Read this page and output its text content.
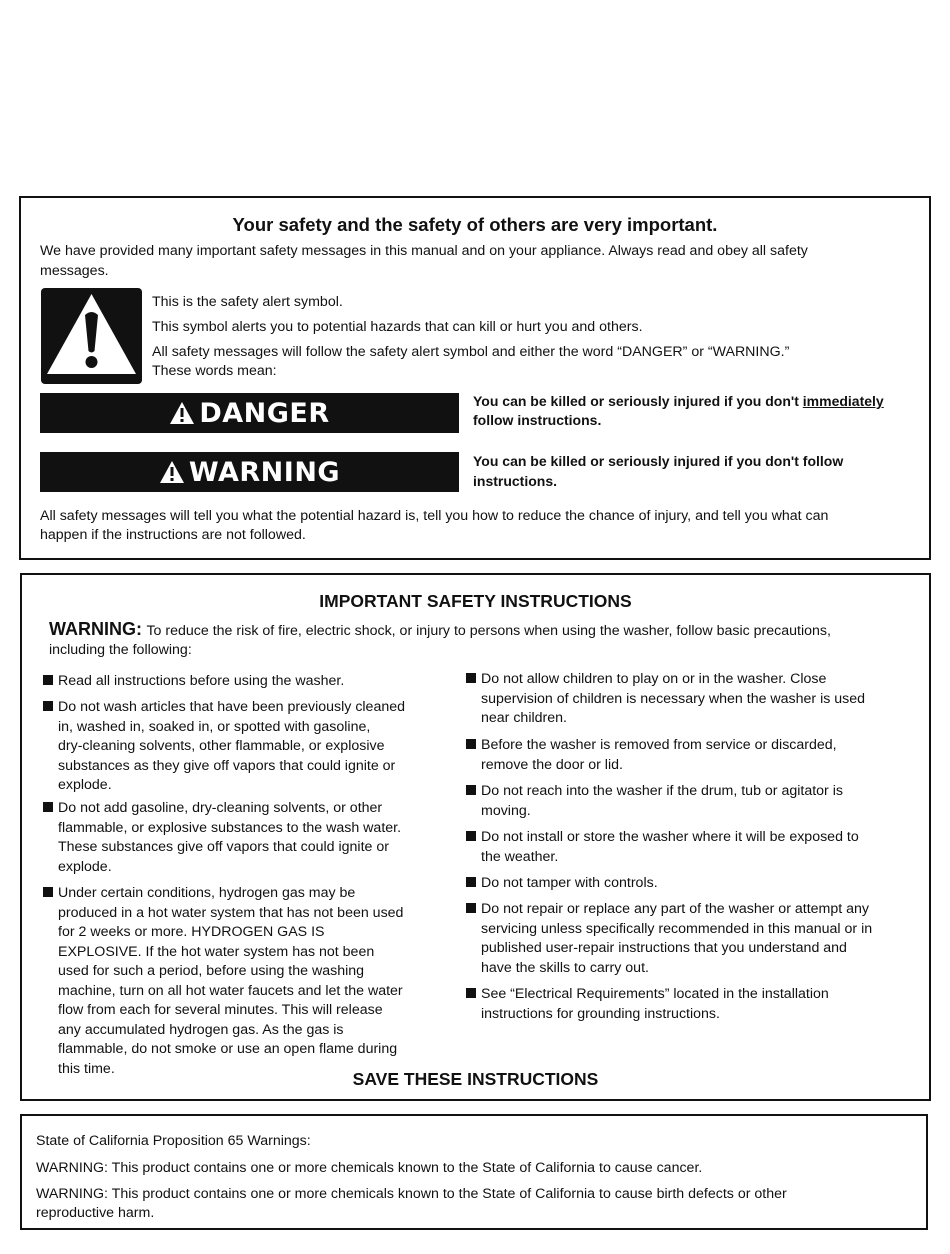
Your safety and the safety of others are very important.
We have provided many important safety messages in this manual and on your appliance. Always read and obey all safety
messages.
This is the safety alert symbol.
This symbol alerts you to potential hazards that can kill or hurt you and others.
All safety messages will follow the safety alert symbol and either the word “DANGER” or “WARNING.”
These words mean:
DANGER	You can be killed or seriously injured if you don't immediately
follow instructions.
WARNING	You can be killed or seriously injured if you don't follow
instructions.
All safety messages will tell you what the potential hazard is, tell you how to reduce the chance of injury, and tell you what can
happen if the instructions are not followed.
IMPORTANT SAFETY INSTRUCTIONS
WARNING: To reduce the risk of fire, electric shock, or injury to persons when using the washer, follow basic precautions,
including the following:
Read all instructions before using the washer.
Do not wash articles that have been previously cleaned
in, washed in, soaked in, or spotted with gasoline,
dry-cleaning solvents, other flammable, or explosive
substances as they give off vapors that could ignite or
explode.
Do not add gasoline, dry-cleaning solvents, or other
flammable, or explosive substances to the wash water.
These substances give off vapors that could ignite or
explode.
Under certain conditions, hydrogen gas may be
produced in a hot water system that has not been used
for 2 weeks or more. HYDROGEN GAS IS
EXPLOSIVE. If the hot water system has not been
used for such a period, before using the washing
machine, turn on all hot water faucets and let the water
flow from each for several minutes. This will release
any accumulated hydrogen gas. As the gas is
flammable, do not smoke or use an open flame during
this time.
Do not allow children to play on or in the washer. Close
supervision of children is necessary when the washer is used
near children.
Before the washer is removed from service or discarded,
remove the door or lid.
Do not reach into the washer if the drum, tub or agitator is
moving.
Do not install or store the washer where it will be exposed to
the weather.
Do not tamper with controls.
Do not repair or replace any part of the washer or attempt any
servicing unless specifically recommended in this manual or in
published user-repair instructions that you understand and
have the skills to carry out.
See “Electrical Requirements” located in the installation
instructions for grounding instructions.
SAVE THESE INSTRUCTIONS
State of California Proposition 65 Warnings:
WARNING: This product contains one or more chemicals known to the State of California to cause cancer.
WARNING: This product contains one or more chemicals known to the State of California to cause birth defects or other
reproductive harm.
